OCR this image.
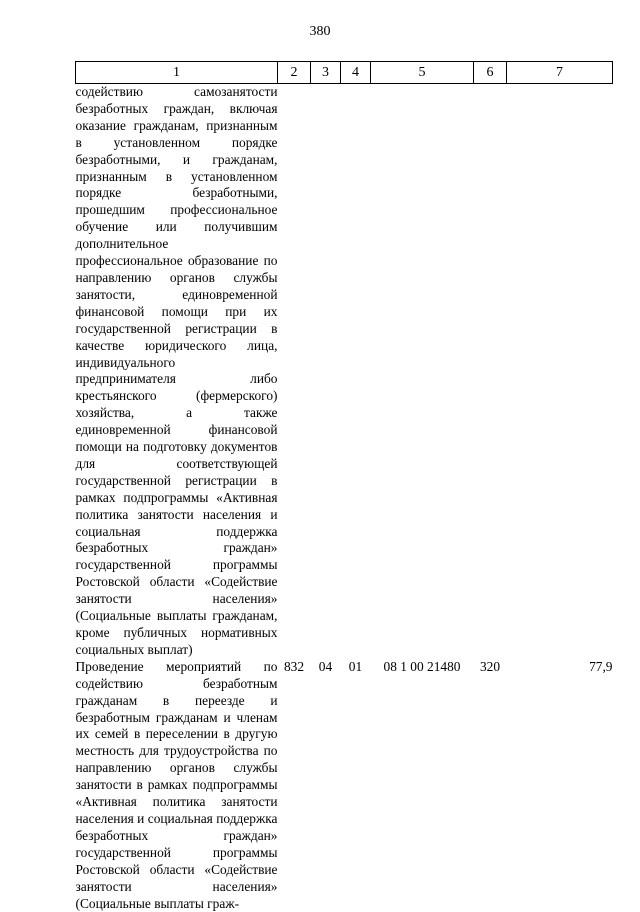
380
1	2	3	4	5	6	7
содействию самозанятости безработных граждан, включая оказание гражданам, признанным в установленном порядке безработными, и гражданам, признанным в установленном порядке безработными, прошедшим профессиональное обучение или получившим дополнительное профессиональное образование по направлению органов службы занятости, единовременной финансовой помощи при их государственной регистрации в качестве юридического лица, индивидуального предпринимателя либо крестьянского (фермерского) хозяйства, а также единовременной финансовой помощи на подготовку документов для соответствующей государственной регистрации в рамках подпрограммы «Активная политика занятости населения и социальная поддержка безработных граждан» государственной программы Ростовской области «Содействие занятости населения» (Социальные выплаты гражданам, кроме публичных нормативных социальных выплат)						
Проведение мероприятий по содействию безработным гражданам в переезде и безработным гражданам и членам их семей в переселении в другую местность для трудоустройства по направлению органов службы занятости в рамках подпрограммы «Активная политика занятости населения и социальная поддержка безработных граждан» государственной программы Ростовской области «Содействие занятости населения» (Социальные выплаты граж-	832	04	01	08 1 00 21480	320	77,9
